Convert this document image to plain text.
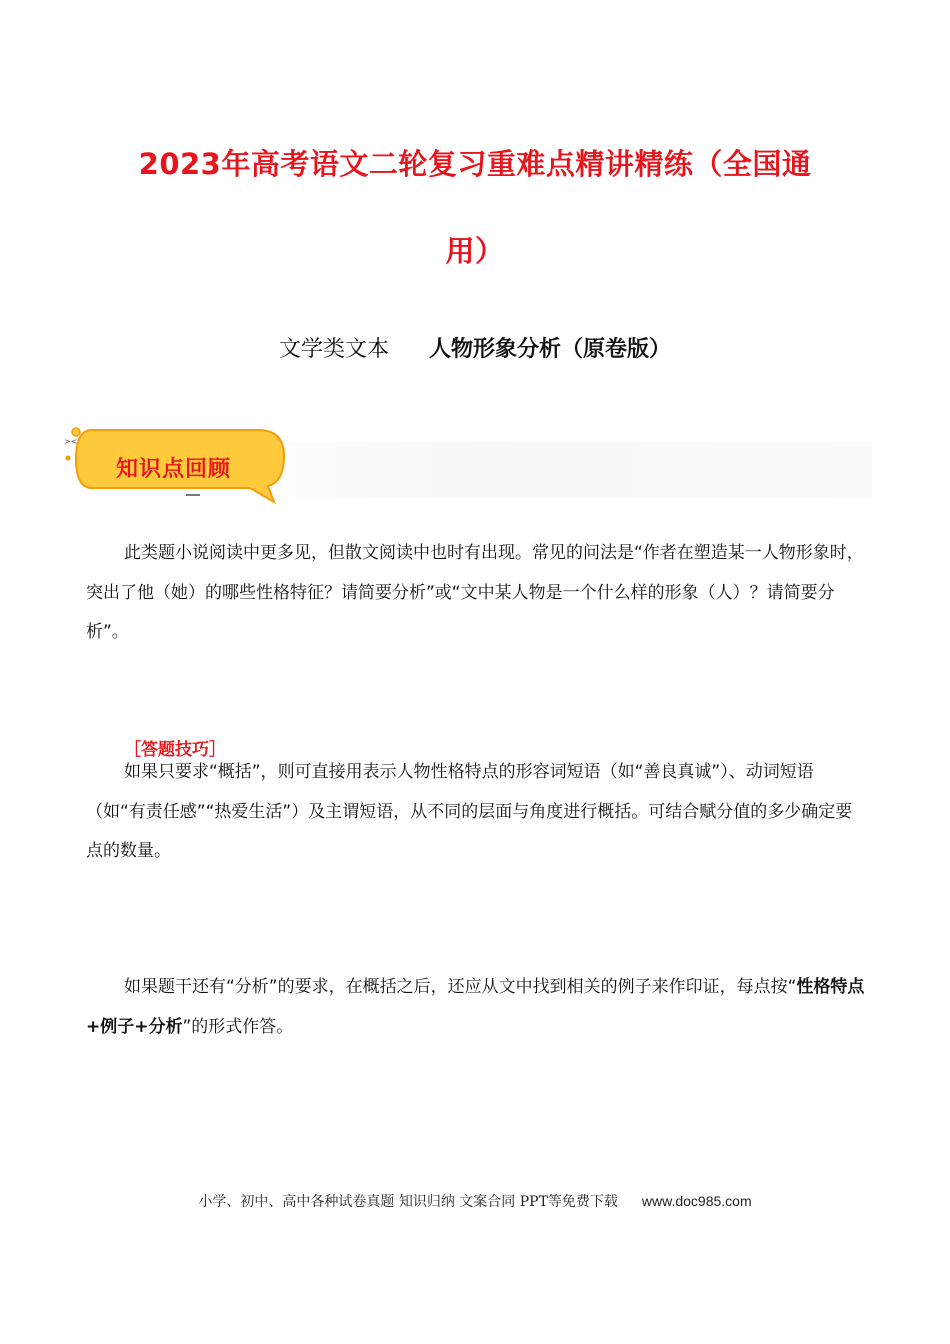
2023年高考语文二轮复习重难点精讲精练（全国通
用）
文学类文本 人物形象分析（原卷版）
><
知识点回顾

此类题小说阅读中更多见，但散文阅读中也时有出现。常见的问法是“作者在塑造某一人物形象时，突出了他（她）的哪些性格特征？请简要分析”或“文中某人物是一个什么样的形象（人）？请简要分析”。

［答题技巧］

如果只要求“概括”，则可直接用表示人物性格特点的形容词短语（如“善良真诚”）、动词短语（如“有责任感”“热爱生活”）及主谓短语，从不同的层面与角度进行概括。可结合赋分值的多少确定要点的数量。

如果题干还有“分析”的要求，在概括之后，还应从文中找到相关的例子来作印证，每点按“性格特点+例子+分析”的形式作答。

小学、初中、高中各种试卷真题 知识归纳 文案合同 PPT等免费下载 www.doc985.com
